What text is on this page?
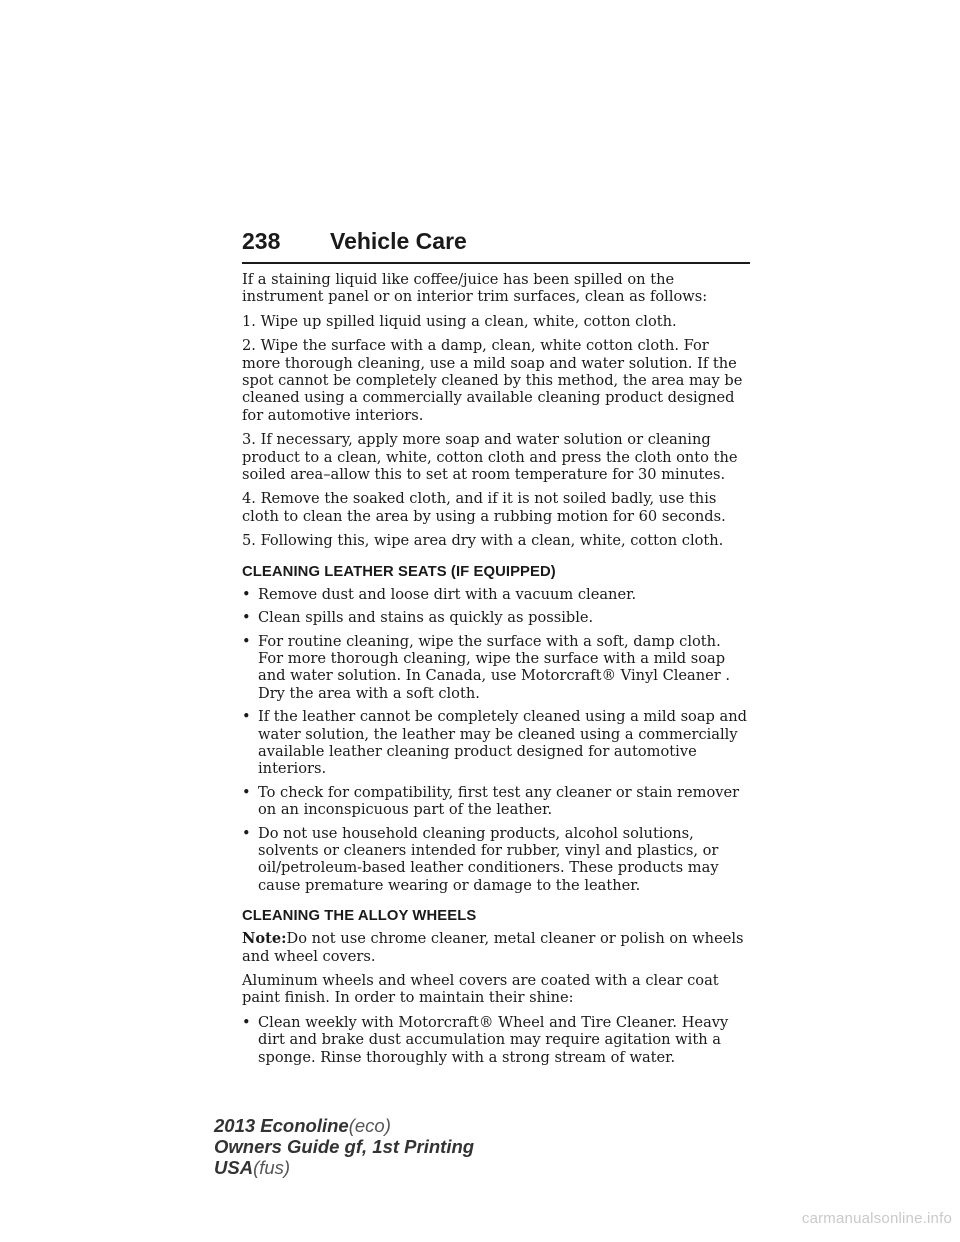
238 Vehicle Care

If a staining liquid like coffee/juice has been spilled on the instrument panel or on interior trim surfaces, clean as follows:

1. Wipe up spilled liquid using a clean, white, cotton cloth.

2. Wipe the surface with a damp, clean, white cotton cloth. For more thorough cleaning, use a mild soap and water solution. If the spot cannot be completely cleaned by this method, the area may be cleaned using a commercially available cleaning product designed for automotive interiors.

3. If necessary, apply more soap and water solution or cleaning product to a clean, white, cotton cloth and press the cloth onto the soiled area–allow this to set at room temperature for 30 minutes.

4. Remove the soaked cloth, and if it is not soiled badly, use this cloth to clean the area by using a rubbing motion for 60 seconds.

5. Following this, wipe area dry with a clean, white, cotton cloth.

CLEANING LEATHER SEATS (IF EQUIPPED)
• Remove dust and loose dirt with a vacuum cleaner.
• Clean spills and stains as quickly as possible.
• For routine cleaning, wipe the surface with a soft, damp cloth. For more thorough cleaning, wipe the surface with a mild soap and water solution. In Canada, use Motorcraft® Vinyl Cleaner . Dry the area with a soft cloth.
• If the leather cannot be completely cleaned using a mild soap and water solution, the leather may be cleaned using a commercially available leather cleaning product designed for automotive interiors.
• To check for compatibility, first test any cleaner or stain remover on an inconspicuous part of the leather.
• Do not use household cleaning products, alcohol solutions, solvents or cleaners intended for rubber, vinyl and plastics, or oil/petroleum-based leather conditioners. These products may cause premature wearing or damage to the leather.
CLEANING THE ALLOY WHEELS

Note:Do not use chrome cleaner, metal cleaner or polish on wheels and wheel covers.

Aluminum wheels and wheel covers are coated with a clear coat paint finish. In order to maintain their shine:

• Clean weekly with Motorcraft® Wheel and Tire Cleaner. Heavy dirt and brake dust accumulation may require agitation with a sponge. Rinse thoroughly with a strong stream of water.
2013 Econoline(eco)
Owners Guide gf, 1st Printing
USA(fus)
carmanualsonline.info
